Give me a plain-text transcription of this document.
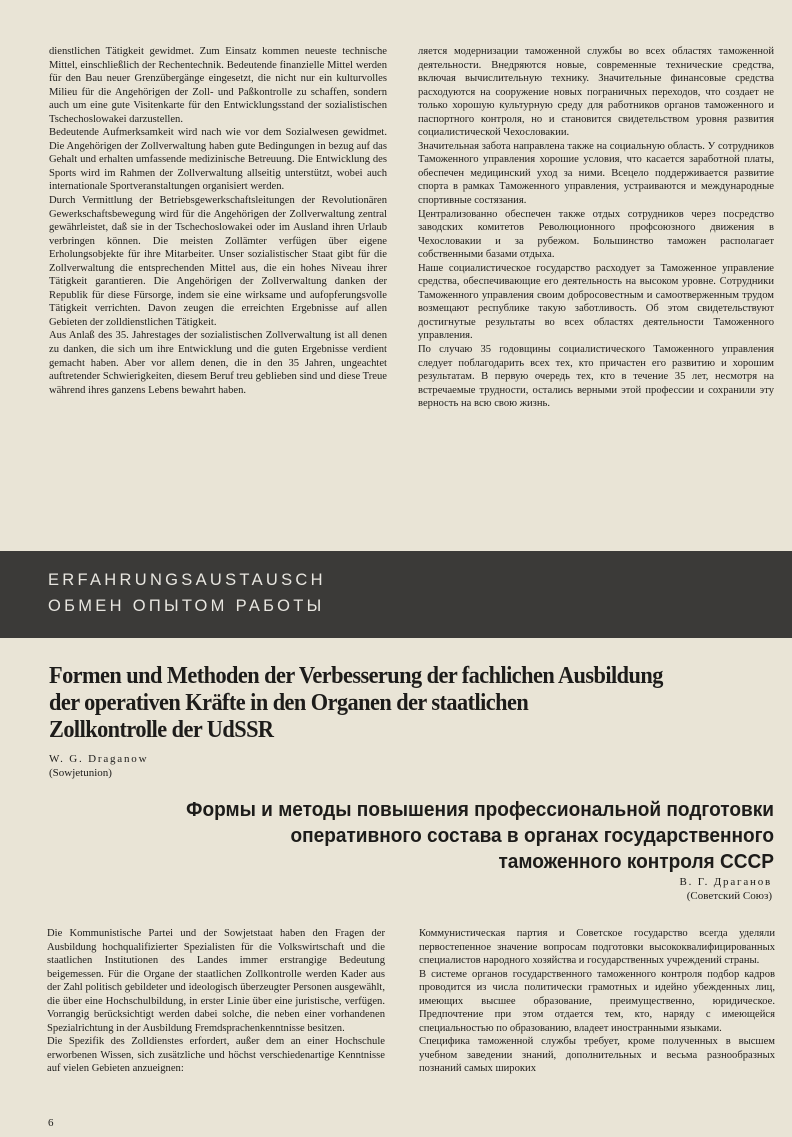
dienstlichen Tätigkeit gewidmet. Zum Einsatz kommen neueste technische Mittel, einschließlich der Rechentechnik. Bedeutende finanzielle Mittel werden für den Bau neuer Grenzübergänge eingesetzt, die nicht nur ein kulturvolles Milieu für die Angehörigen der Zoll- und Paßkontrolle zu schaffen, sondern auch um eine gute Visitenkarte für den Entwicklungsstand der sozialistischen Tschechoslowakei darzustellen.

Bedeutende Aufmerksamkeit wird nach wie vor dem Sozialwesen gewidmet. Die Angehörigen der Zollverwaltung haben gute Bedingungen in bezug auf das Gehalt und erhalten umfassende medizinische Betreuung. Die Entwicklung des Sports wird im Rahmen der Zollverwaltung allseitig unterstützt, wobei auch internationale Sportveranstaltungen organisiert werden.

Durch Vermittlung der Betriebsgewerkschaftsleitungen der Revolutionären Gewerkschaftsbewegung wird für die Angehörigen der Zollverwaltung zentral gewährleistet, daß sie in der Tschechoslowakei oder im Ausland ihren Urlaub verbringen können. Die meisten Zollämter verfügen über eigene Erholungsobjekte für ihre Mitarbeiter. Unser sozialistischer Staat gibt für die Zollverwaltung die entsprechenden Mittel aus, die ein hohes Niveau ihrer Tätigkeit garantieren. Die Angehörigen der Zollverwaltung danken der Republik für diese Fürsorge, indem sie eine wirksame und aufopferungsvolle Tätigkeit verrichten. Davon zeugen die erreichten Ergebnisse auf allen Gebieten der zolldienstlichen Tätigkeit.

Aus Anlaß des 35. Jahrestages der sozialistischen Zollverwaltung ist all denen zu danken, die sich um ihre Entwicklung und die guten Ergebnisse verdient gemacht haben. Aber vor allem denen, die in den 35 Jahren, ungeachtet auftretender Schwierigkeiten, diesem Beruf treu geblieben sind und diese Treue während ihres ganzens Lebens bewahrt haben.

ляется модернизации таможенной службы во всех областях таможенной деятельности. Внедряются новые, современные технические средства, включая вычислительную технику. Значительные финансовые средства расходуются на сооружение новых пограничных переходов, что создает не только хорошую культурную среду для работников органов таможенного и паспортного контроля, но и становится свидетельством уровня развития социалистической Чехословакии.

Значительная забота направлена также на социальную область. У сотрудников Таможенного управления хорошие условия, что касается заработной платы, обеспечен медицинский уход за ними. Всецело поддерживается развитие спорта в рамках Таможенного управления, устраиваются и международные спортивные состязания.

Централизованно обеспечен также отдых сотрудников через посредство заводских комитетов Революционного профсоюзного движения в Чехословакии и за рубежом. Большинство таможен располагает собственными базами отдыха.

Наше социалистическое государство расходует за Таможенное управление средства, обеспечивающие его деятельность на высоком уровне. Сотрудники Таможенного управления своим добросовестным и самоотверженным трудом возмещают республике такую заботливость. Об этом свидетельствуют достигнутые результаты во всех областях деятельности Таможенного управления.

По случаю 35 годовщины социалистического Таможенного управления следует поблагодарить всех тех, кто причастен его развитию и хорошим результатам. В первую очередь тех, кто в течение 35 лет, несмотря на встречаемые трудности, остались верными этой профессии и сохранили эту верность на всю свою жизнь.

ERFAHRUNGSAUSTAUSCH
ОБМЕН ОПЫТОМ РАБОТЫ
Formen und Methoden der Verbesserung der fachlichen Ausbildung
der operativen Kräfte in den Organen der staatlichen
Zollkontrolle der UdSSR
W. G. Draganow
(Sowjetunion)
Формы и методы повышения профессиональной подготовки
оперативного состава в органах государственного
таможенного контроля СССР
В. Г. Драганов
(Советский Союз)

Die Kommunistische Partei und der Sowjetstaat haben den Fragen der Ausbildung hochqualifizierter Spezialisten für die Volkswirtschaft und die staatlichen Institutionen des Landes immer erstrangige Bedeutung beigemessen. Für die Organe der staatlichen Zollkontrolle werden Kader aus der Zahl politisch gebildeter und ideologisch überzeugter Personen ausgewählt, die über eine Hochschulbildung, in erster Linie über eine juristische, verfügen. Vorrangig berücksichtigt werden dabei solche, die neben einer vorhandenen Spezialrichtung in der Ausbildung Fremdsprachenkenntnisse besitzen.

Die Spezifik des Zolldienstes erfordert, außer dem an einer Hochschule erworbenen Wissen, sich zusätzliche und höchst verschiedenartige Kenntnisse auf vielen Gebieten anzueignen:

Коммунистическая партия и Советское государство всегда уделяли первостепенное значение вопросам подготовки высококвалифицированных специалистов народного хозяйства и государственных учреждений страны.

В системе органов государственного таможенного контроля подбор кадров проводится из числа политически грамотных и идейно убежденных лиц, имеющих высшее образование, преимущественно, юридическое. Предпочтение при этом отдается тем, кто, наряду с имеющейся специальностью по образованию, владеет иностранными языками.

Специфика таможенной службы требует, кроме полученных в высшем учебном заведении знаний, дополнительных и весьма разнообразных познаний самых широких

6
